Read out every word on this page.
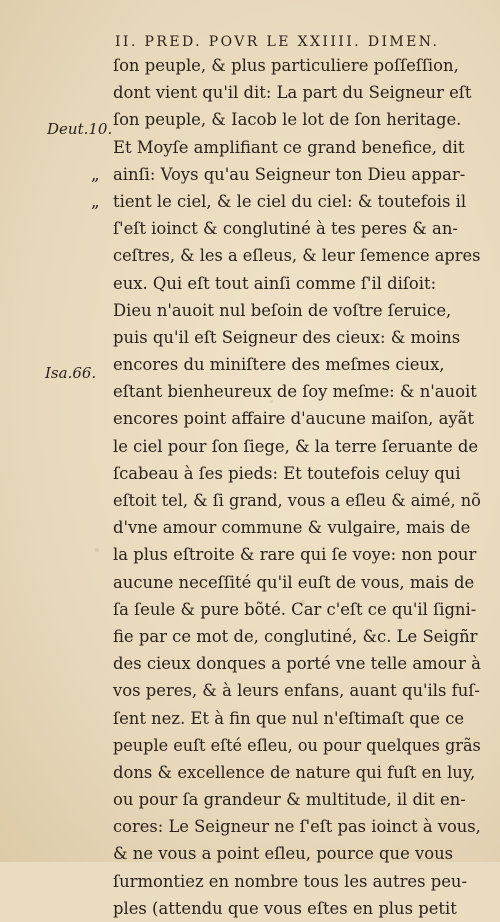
II. PRED. POVR LE XXIIII. DIMEN.
Deut.10.
Isa.66.
ſon peuple, & plus particuliere poſſeſſion,
dont vient qu'il dit: La part du Seigneur eſt
ſon peuple, & Iacob le lot de ſon heritage.
Et Moyſe amplifiant ce grand benefice, dit
„ ainſi: Voys qu'au Seigneur ton Dieu appar-
„ tient le ciel, & le ciel du ciel: & toutefois il
ſ'eſt ioinct & conglutiné à tes peres & an-
ceſtres, & les a eſleus, & leur ſemence apres
eux. Qui eſt tout ainſi comme ſ'il diſoit:
Dieu n'auoit nul beſoin de voſtre ſeruice,
puis qu'il eſt Seigneur des cieux: & moins
encores du miniſtere des meſmes cieux,
eſtant bienheureux de ſoy meſme: & n'auoit
encores point affaire d'aucune maiſon, ayãt
le ciel pour ſon ſiege, & la terre ſeruante de
ſcabeau à ſes pieds: Et toutefois celuy qui
eſtoit tel, & ſi grand, vous a eſleu & aimé, nõ
d'vne amour commune & vulgaire, mais de
la plus eſtroite & rare qui ſe voye: non pour
aucune neceſſité qu'il euſt de vous, mais de
ſa ſeule & pure bõté. Car c'eſt ce qu'il ſigni-
fie par ce mot de, conglutiné, &c. Le Seigñr
des cieux donques a porté vne telle amour à
vos peres, & à leurs enfans, auant qu'ils fuſ-
ſent nez. Et à fin que nul n'eſtimaſt que ce
peuple euſt eſté eſleu, ou pour quelques grãs
dons & excellence de nature qui fuſt en luy,
ou pour ſa grandeur & multitude, il dit en-
cores: Le Seigneur ne ſ'eſt pas ioinct à vous,
& ne vous a point eſleu, pource que vous
ſurmontiez en nombre tous les autres peu-
ples (attendu que vous eſtes en plus petit
